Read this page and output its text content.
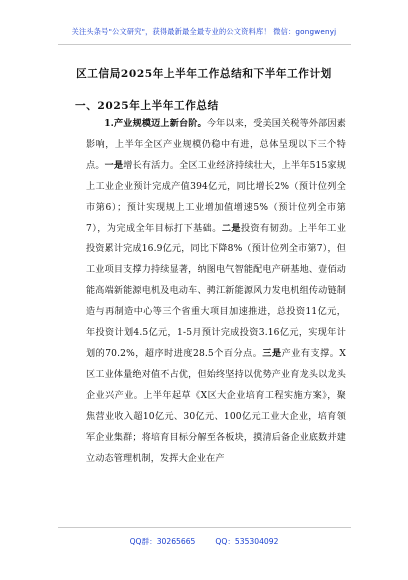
关注头条号"公文研究"，获得最新最全最专业的公文资料库！ 微信：gongwenyj
区工信局2025年上半年工作总结和下半年工作计划
一、2025年上半年工作总结

1.产业规模迈上新台阶。今年以来，受美国关税等外部因素影响，上半年全区产业规模仍稳中有进，总体呈现以下三个特点。一是增长有活力。全区工业经济持续壮大，上半年515家规上工业企业预计完成产值394亿元，同比增长2%（预计位列全市第6）；预计实现规上工业增加值增速5%（预计位列全市第7），为完成全年目标打下基础。二是投资有韧劲。上半年工业投资累计完成16.9亿元，同比下降8%（预计位列全市第7），但工业项目支撑力持续显著，纳图电气智能配电产研基地、壹佰动能高端新能源电机及电动车、骋江新能源风力发电机组传动链制造与再制造中心等三个省重大项目加速推进，总投资11亿元，年投资计划4.5亿元，1-5月预计完成投资3.16亿元，实现年计划的70.2%，超序时进度28.5个百分点。三是产业有支撑。X区工业体量绝对值不占优，但始终坚持以优势产业育龙头以龙头企业兴产业。上半年起草《X区大企业培育工程实施方案》，聚焦营业收入超10亿元、30亿元、100亿元工业大企业，培育领军企业集群；将培育目标分解至各板块，摸清后备企业底数并建立动态管理机制，发挥大企业在产

QQ群：30265665	QQ：535304092
